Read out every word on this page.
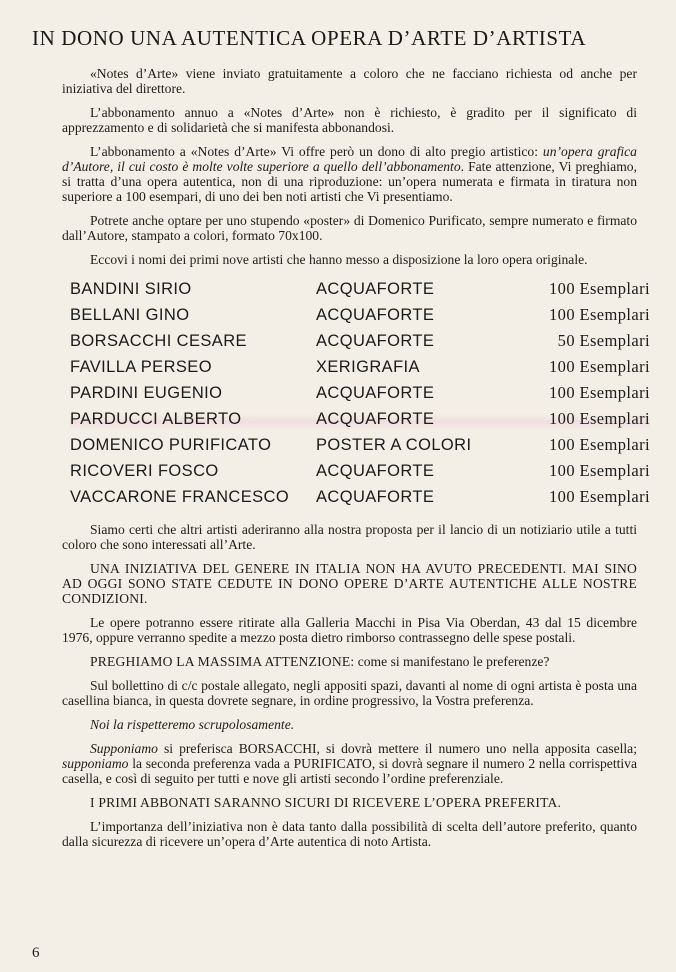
IN DONO UNA AUTENTICA OPERA D’ARTE D’ARTISTA

«Notes d’Arte» viene inviato gratuitamente a coloro che ne facciano richiesta od anche per iniziativa del direttore.

L’abbonamento annuo a «Notes d’Arte» non è richiesto, è gradito per il significato di apprezzamento e di solidarietà che si manifesta abbonandosi.

L’abbonamento a «Notes d’Arte» Vi offre però un dono di alto pregio artistico: un’opera grafica d’Autore, il cui costo è molte volte superiore a quello dell’abbonamento. Fate attenzione, Vi preghiamo, si tratta d’una opera autentica, non di una riproduzione: un’opera numerata e firmata in tiratura non superiore a 100 esempari, di uno dei ben noti artisti che Vi presentiamo.

Potrete anche optare per uno stupendo «poster» di Domenico Purificato, sempre numerato e firmato dall’Autore, stampato a colori, formato 70x100.

Eccovi i nomi dei primi nove artisti che hanno messo a disposizione la loro opera originale.

BANDINI SIRIO	ACQUAFORTE	100 Esemplari
BELLANI GINO	ACQUAFORTE	100 Esemplari
BORSACCHI CESARE	ACQUAFORTE	50 Esemplari
FAVILLA PERSEO	XERIGRAFIA	100 Esemplari
PARDINI EUGENIO	ACQUAFORTE	100 Esemplari
PARDUCCI ALBERTO	ACQUAFORTE	100 Esemplari
DOMENICO PURIFICATO	POSTER A COLORI	100 Esemplari
RICOVERI FOSCO	ACQUAFORTE	100 Esemplari
VACCARONE FRANCESCO	ACQUAFORTE	100 Esemplari

Siamo certi che altri artisti aderiranno alla nostra proposta per il lancio di un notiziario utile a tutti coloro che sono interessati all’Arte.

UNA INIZIATIVA DEL GENERE IN ITALIA NON HA AVUTO PRECEDENTI. MAI SINO AD OGGI SONO STATE CEDUTE IN DONO OPERE D’ARTE AUTENTICHE ALLE NOSTRE CONDIZIONI.

Le opere potranno essere ritirate alla Galleria Macchi in Pisa Via Oberdan, 43 dal 15 dicembre 1976, oppure verranno spedite a mezzo posta dietro rimborso contrassegno delle spese postali.

PREGHIAMO LA MASSIMA ATTENZIONE: come si manifestano le preferenze?

Sul bollettino di c/c postale allegato, negli appositi spazi, davanti al nome di ogni artista è posta una casellina bianca, in questa dovrete segnare, in ordine progressivo, la Vostra preferenza.

Noi la rispetteremo scrupolosamente.

Supponiamo si preferisca BORSACCHI, si dovrà mettere il numero uno nella apposita casella; supponiamo la seconda preferenza vada a PURIFICATO, si dovrà segnare il numero 2 nella corrispettiva casella, e così di seguito per tutti e nove gli artisti secondo l’ordine preferenziale.

I PRIMI ABBONATI SARANNO SICURI DI RICEVERE L’OPERA PREFERITA.

L’importanza dell’iniziativa non è data tanto dalla possibilità di scelta dell’autore preferito, quanto dalla sicurezza di ricevere un’opera d’Arte autentica di noto Artista.

6
